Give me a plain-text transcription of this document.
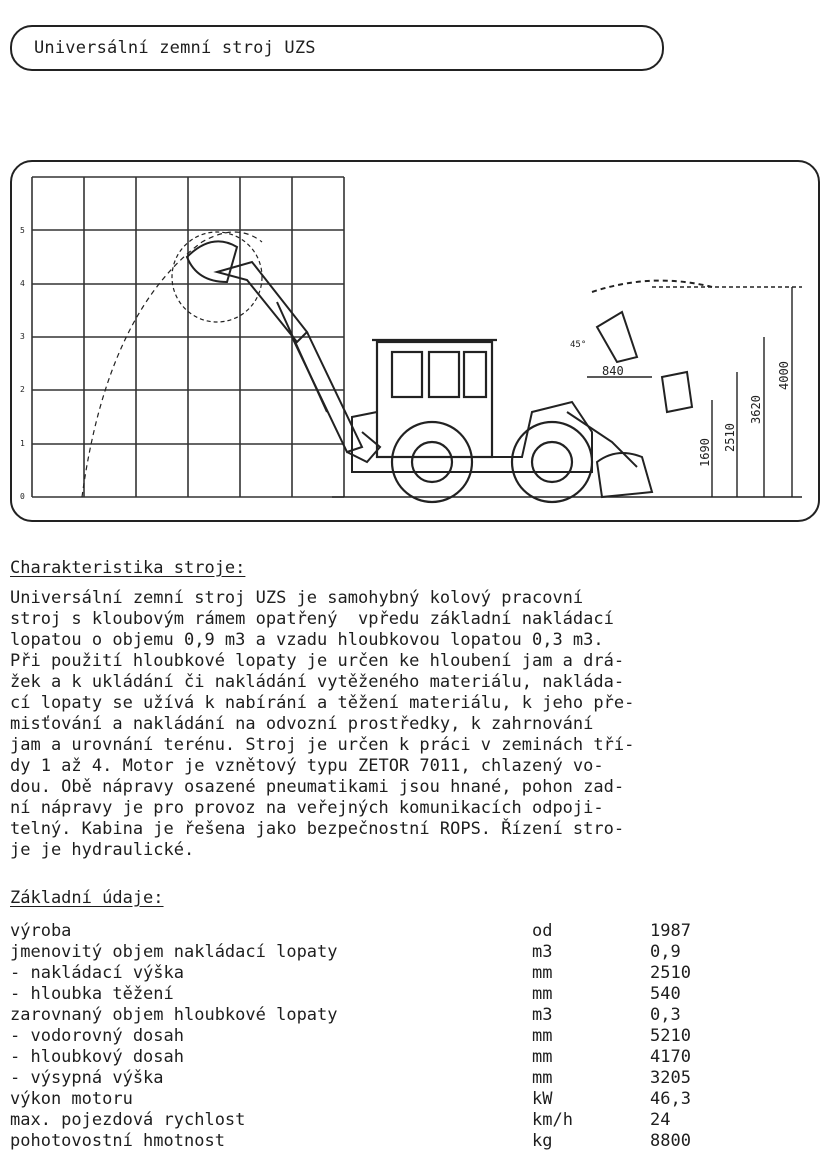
Universální zemní stroj UZS
5
4
3
2
1
0
840	4000
3620
2510
1690
45°
Charakteristika stroje:
Universální zemní stroj UZS je samohybný kolový pracovní
stroj s kloubovým rámem opatřený  vpředu základní nakládací
lopatou o objemu 0,9 m3 a vzadu hloubkovou lopatou 0,3 m3.
Při použití hloubkové lopaty je určen ke hloubení jam a drá-
žek a k ukládání či nakládání vytěženého materiálu, nakláda-
cí lopaty se užívá k nabírání a těžení materiálu, k jeho pře-
misťování a nakládání na odvozní prostředky, k zahrnování
jam a urovnání terénu. Stroj je určen k práci v zeminách tří-
dy 1 až 4. Motor je vznětový typu ZETOR 7011, chlazený vo-
dou. Obě nápravy osazené pneumatikami jsou hnané, pohon zad-
ní nápravy je pro provoz na veřejných komunikacích odpoji-
telný. Kabina je řešena jako bezpečnostní ROPS. Řízení stro-
je je hydraulické.
Základní údaje:
výroba	od	1987
jmenovitý objem nakládací lopaty	m3	0,9
- nakládací výška	mm	2510
- hloubka těžení	mm	540
zarovnaný objem hloubkové lopaty	m3	0,3
- vodorovný dosah	mm	5210
- hloubkový dosah	mm	4170
- výsypná výška	mm	3205
výkon motoru	kW	46,3
max. pojezdová rychlost	km/h	24
pohotovostní hmotnost	kg	8800
